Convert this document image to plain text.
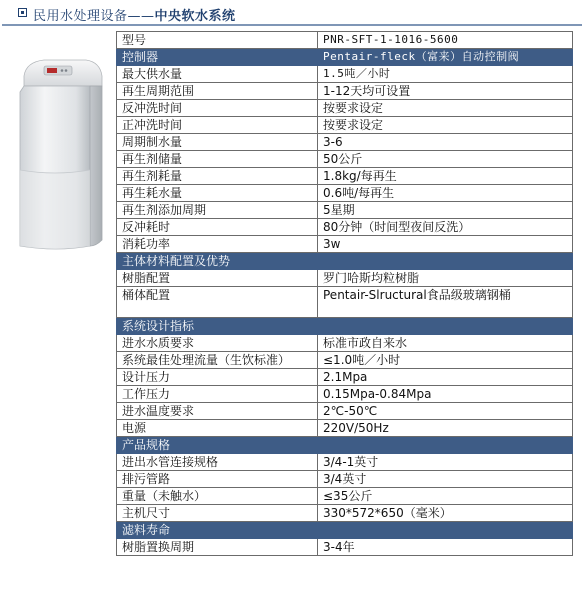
民用水处理设备——中央软水系统
型号	PNR-SFT-1-1016-5600
控制器	Pentair-fleck（富来）自动控制阀
最大供水量	1.5吨／小时
再生周期范围	1-12天均可设置
反冲洗时间	按要求设定
正冲洗时间	按要求设定
周期制水量	3-6
再生剂储量	50公斤
再生剂耗量	1.8kg/每再生
再生耗水量	0.6吨/每再生
再生剂添加周期	5星期
反冲耗时	80分钟（时间型夜间反洗）
消耗功率	3w
主体材料配置及优势	
树脂配置	罗门哈斯均粒树脂
桶体配置	Pentair-Slructural食品级玻璃钢桶
系统设计指标	
进水水质要求	标准市政自来水
系统最佳处理流量（生饮标准）	≤1.0吨／小时
设计压力	2.1Mpa
工作压力	0.15Mpa-0.84Mpa
进水温度要求	2℃-50℃
电源	220V/50Hz
产品规格	
进出水管连接规格	3/4-1英寸
排污管路	3/4英寸
重量（未触水）	≤35公斤
主机尺寸	330*572*650（毫米）
滤料寿命	
树脂置换周期	3-4年
